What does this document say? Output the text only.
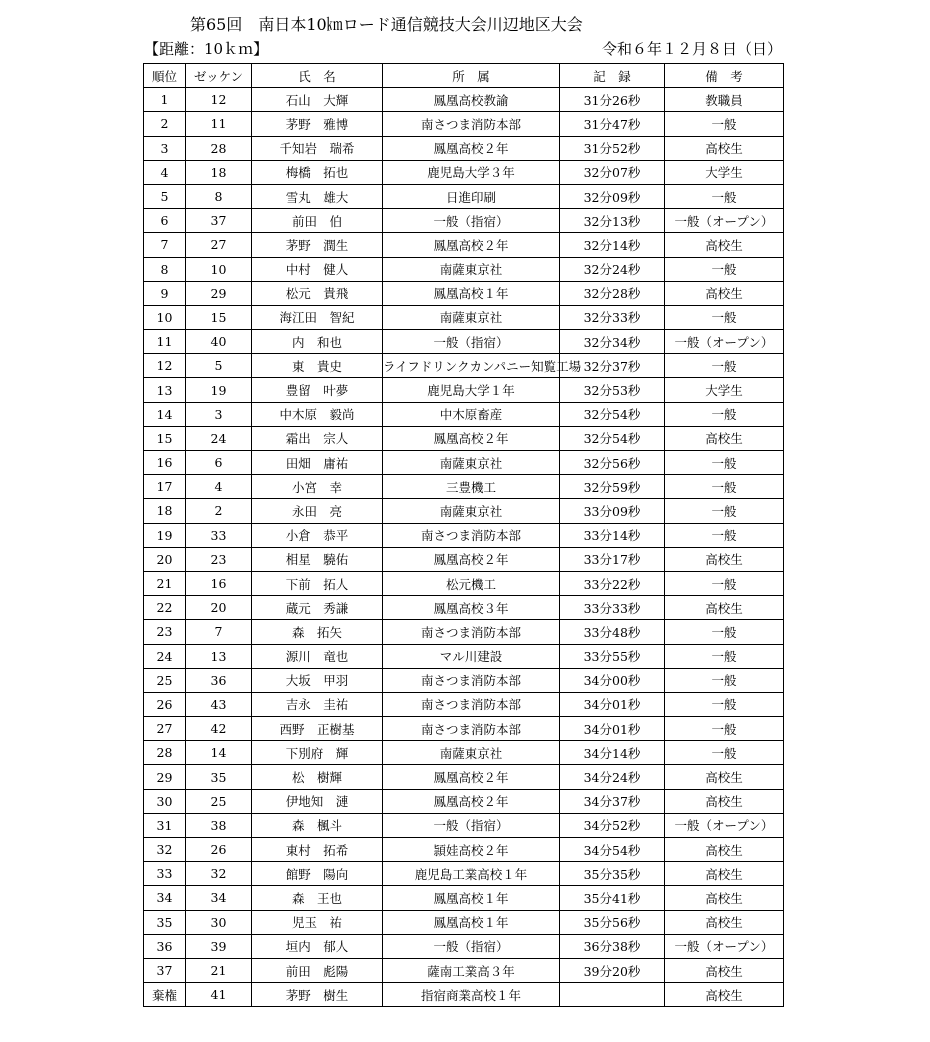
第65回　南日本10㎞ロード通信競技大会川辺地区大会
【距離：10ｋｍ】	令和６年１２月８日（日）
順位	ゼッケン	氏　名	所　属	記　録	備　考
1	12	石山　大輝	鳳凰高校教諭	31分26秒	教職員
2	11	茅野　雅博	南さつま消防本部	31分47秒	一般
3	28	千知岩　瑞希	鳳凰高校２年	31分52秒	高校生
4	18	梅橋　拓也	鹿児島大学３年	32分07秒	大学生
5	8	雪丸　雄大	日進印刷	32分09秒	一般
6	37	前田　伯	一般（指宿）	32分13秒	一般（オープン）
7	27	茅野　潤生	鳳凰高校２年	32分14秒	高校生
8	10	中村　健人	南薩東京社	32分24秒	一般
9	29	松元　貴飛	鳳凰高校１年	32分28秒	高校生
10	15	海江田　智紀	南薩東京社	32分33秒	一般
11	40	内　和也	一般（指宿）	32分34秒	一般（オープン）
12	5	東　貴史	ライフドリンクカンパニー知覧工場	32分37秒	一般
13	19	豊留　叶夢	鹿児島大学１年	32分53秒	大学生
14	3	中木原　毅尚	中木原畜産	32分54秒	一般
15	24	霜出　宗人	鳳凰高校２年	32分54秒	高校生
16	6	田畑　庸祐	南薩東京社	32分56秒	一般
17	4	小宮　幸	三豊機工	32分59秒	一般
18	2	永田　亮	南薩東京社	33分09秒	一般
19	33	小倉　恭平	南さつま消防本部	33分14秒	一般
20	23	相星　驍佑	鳳凰高校２年	33分17秒	高校生
21	16	下前　拓人	松元機工	33分22秒	一般
22	20	蔵元　秀謙	鳳凰高校３年	33分33秒	高校生
23	7	森　拓矢	南さつま消防本部	33分48秒	一般
24	13	源川　竜也	マル川建設	33分55秒	一般
25	36	大坂　甲羽	南さつま消防本部	34分00秒	一般
26	43	吉永　圭祐	南さつま消防本部	34分01秒	一般
27	42	西野　正樹基	南さつま消防本部	34分01秒	一般
28	14	下別府　輝	南薩東京社	34分14秒	一般
29	35	松　樹輝	鳳凰高校２年	34分24秒	高校生
30	25	伊地知　漣	鳳凰高校２年	34分37秒	高校生
31	38	森　楓斗	一般（指宿）	34分52秒	一般（オープン）
32	26	東村　拓希	頴娃高校２年	34分54秒	高校生
33	32	館野　陽向	鹿児島工業高校１年	35分35秒	高校生
34	34	森　王也	鳳凰高校１年	35分41秒	高校生
35	30	児玉　祐	鳳凰高校１年	35分56秒	高校生
36	39	垣内　郁人	一般（指宿）	36分38秒	一般（オープン）
37	21	前田　彪陽	薩南工業高３年	39分20秒	高校生
棄権	41	茅野　樹生	指宿商業高校１年		高校生
